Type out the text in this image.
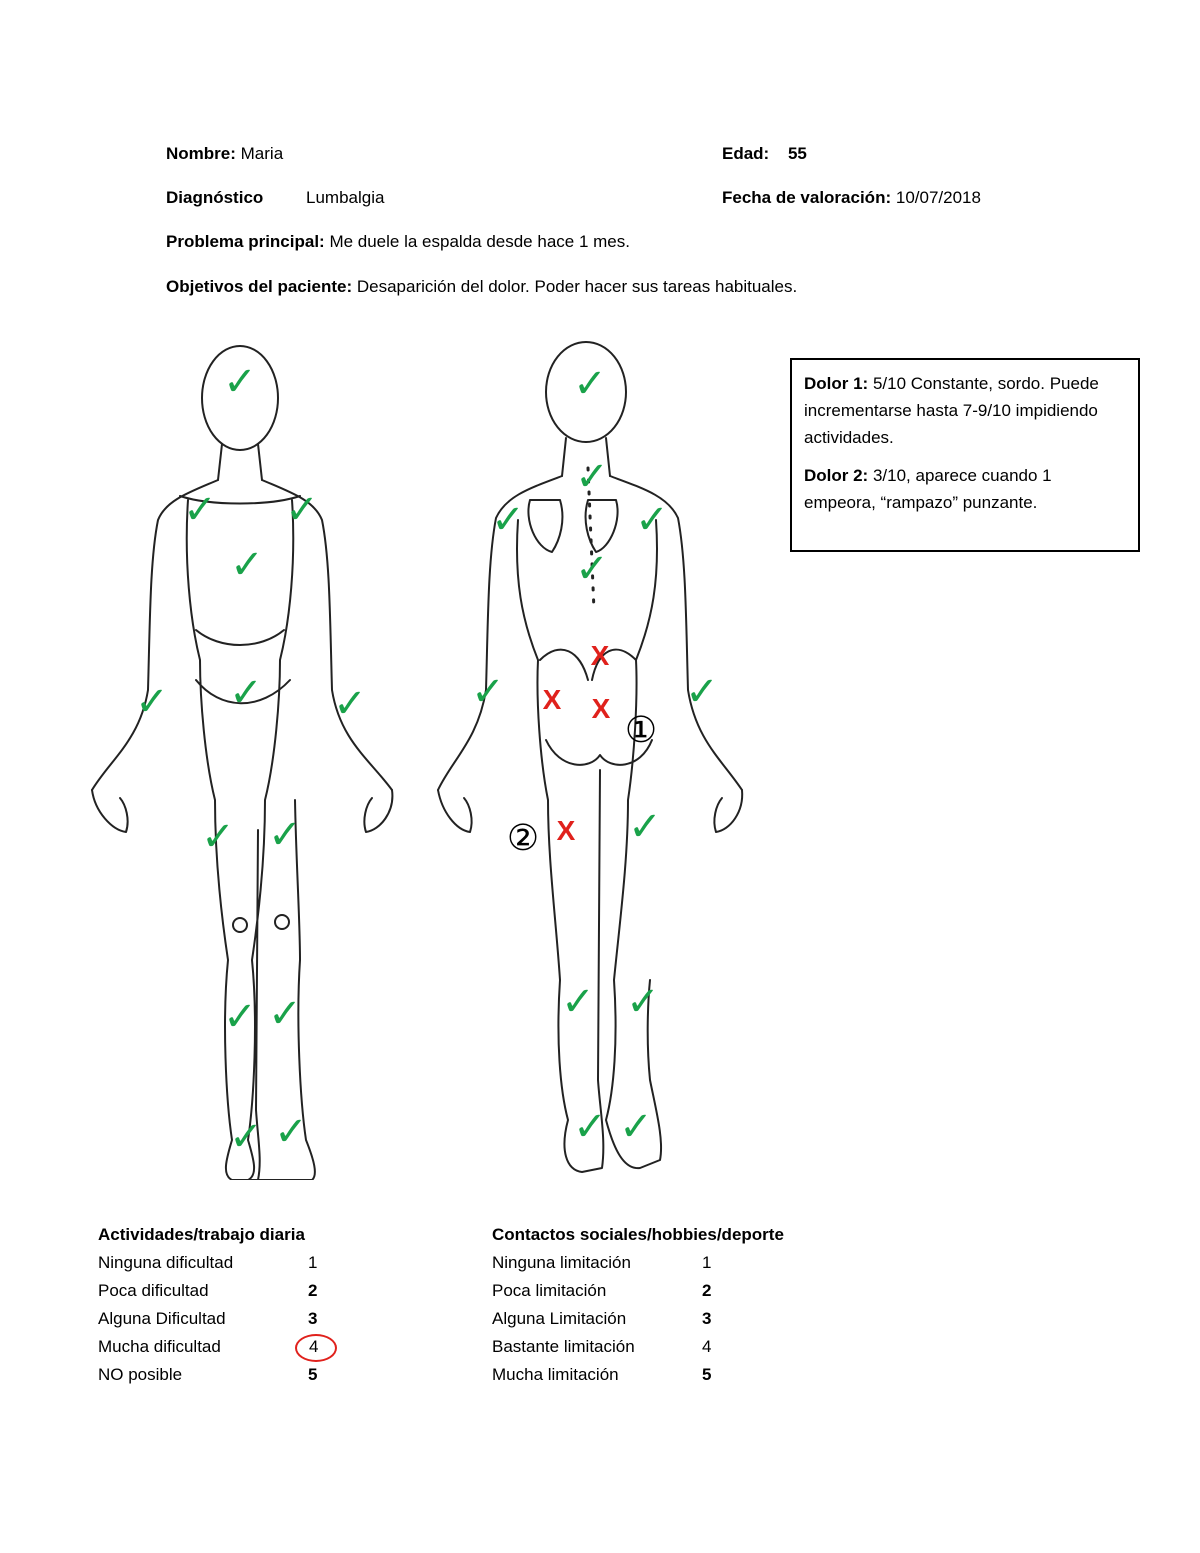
Nombre: Maria	Edad: 55
Diagnóstico	Lumbalgia	Fecha de valoración: 10/07/2018
Problema principal: Me duele la espalda desde hace 1 mes.
Objetivos del paciente: Desaparición del dolor. Poder hacer sus tareas habituales.
✓
✓ ✓
✓
✓ ✓ ✓
✓ ✓
✓ ✓
✓ ✓
✓
✓
✓	✓
✓
✓	✓
✓
✓ ✓
✓ ✓
X
X X
X
①
②

Dolor 1: 5/10 Constante, sordo. Puede incrementarse hasta 7-9/10 impidiendo actividades.

Dolor 2: 3/10, aparece cuando 1 empeora, “rampazo” punzante.

Actividades/trabajo diaria
Ninguna dificultad	1
Poca dificultad	2
Alguna Dificultad	3
Mucha dificultad	4
NO posible	5
Contactos sociales/hobbies/deporte
Ninguna limitación	1
Poca limitación	2
Alguna Limitación	3
Bastante limitación	4
Mucha limitación	5
